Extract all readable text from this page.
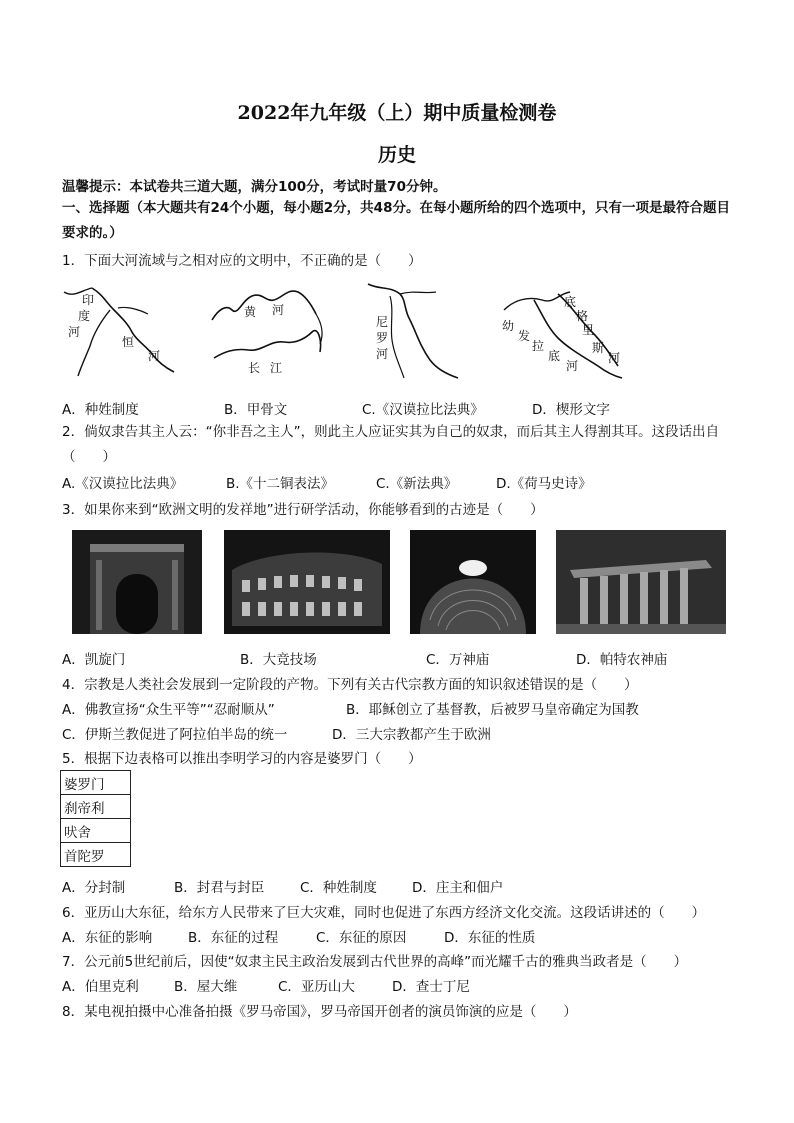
2022年九年级（上）期中质量检测卷
历史
温馨提示：本试卷共三道大题，满分100分，考试时量70分钟。
一、选择题（本大题共有24个小题，每小题2分，共48分。在每小题所给的四个选项中，只有一项是最符合题目要求的。）
1．下面大河流域与之相对应的文明中，不正确的是（　　）
印
度
河
恒
河
黄 河
长 江
尼
罗
河
底
格
里
斯
河
幼
发
拉
底
河
A．种姓制度	B．甲骨文	C.《汉谟拉比法典》	D．楔形文字
2．倘奴隶告其主人云：“你非吾之主人”，则此主人应证实其为自己的奴隶，而后其主人得割其耳。这段话出自（　　）
A.《汉谟拉比法典》	B.《十二铜表法》	C.《新法典》	D.《荷马史诗》
3．如果你来到“欧洲文明的发祥地”进行研学活动，你能够看到的古迹是（　　）
A．凯旋门	B．大竞技场	C．万神庙	D．帕特农神庙
4．宗教是人类社会发展到一定阶段的产物。下列有关古代宗教方面的知识叙述错误的是（　　）
A．佛教宣扬“众生平等”“忍耐顺从”	B．耶稣创立了基督教，后被罗马皇帝确定为国教
C．伊斯兰教促进了阿拉伯半岛的统一	D．三大宗教都产生于欧洲
5．根据下边表格可以推出李明学习的内容是婆罗门（　　）
婆罗门
刹帝利
吠舍
首陀罗
A．分封制	B．封君与封臣	C．种姓制度	D．庄主和佃户
6．亚历山大东征，给东方人民带来了巨大灾难，同时也促进了东西方经济文化交流。这段话讲述的（　　）
A．东征的影响	B．东征的过程	C．东征的原因	D．东征的性质
7．公元前5世纪前后，因使“奴隶主民主政治发展到古代世界的高峰”而光耀千古的雅典当政者是（　　）
A．伯里克利	B．屋大维	C．亚历山大	D．查士丁尼
8．某电视拍摄中心准备拍摄《罗马帝国》，罗马帝国开创者的演员饰演的应是（　　）
